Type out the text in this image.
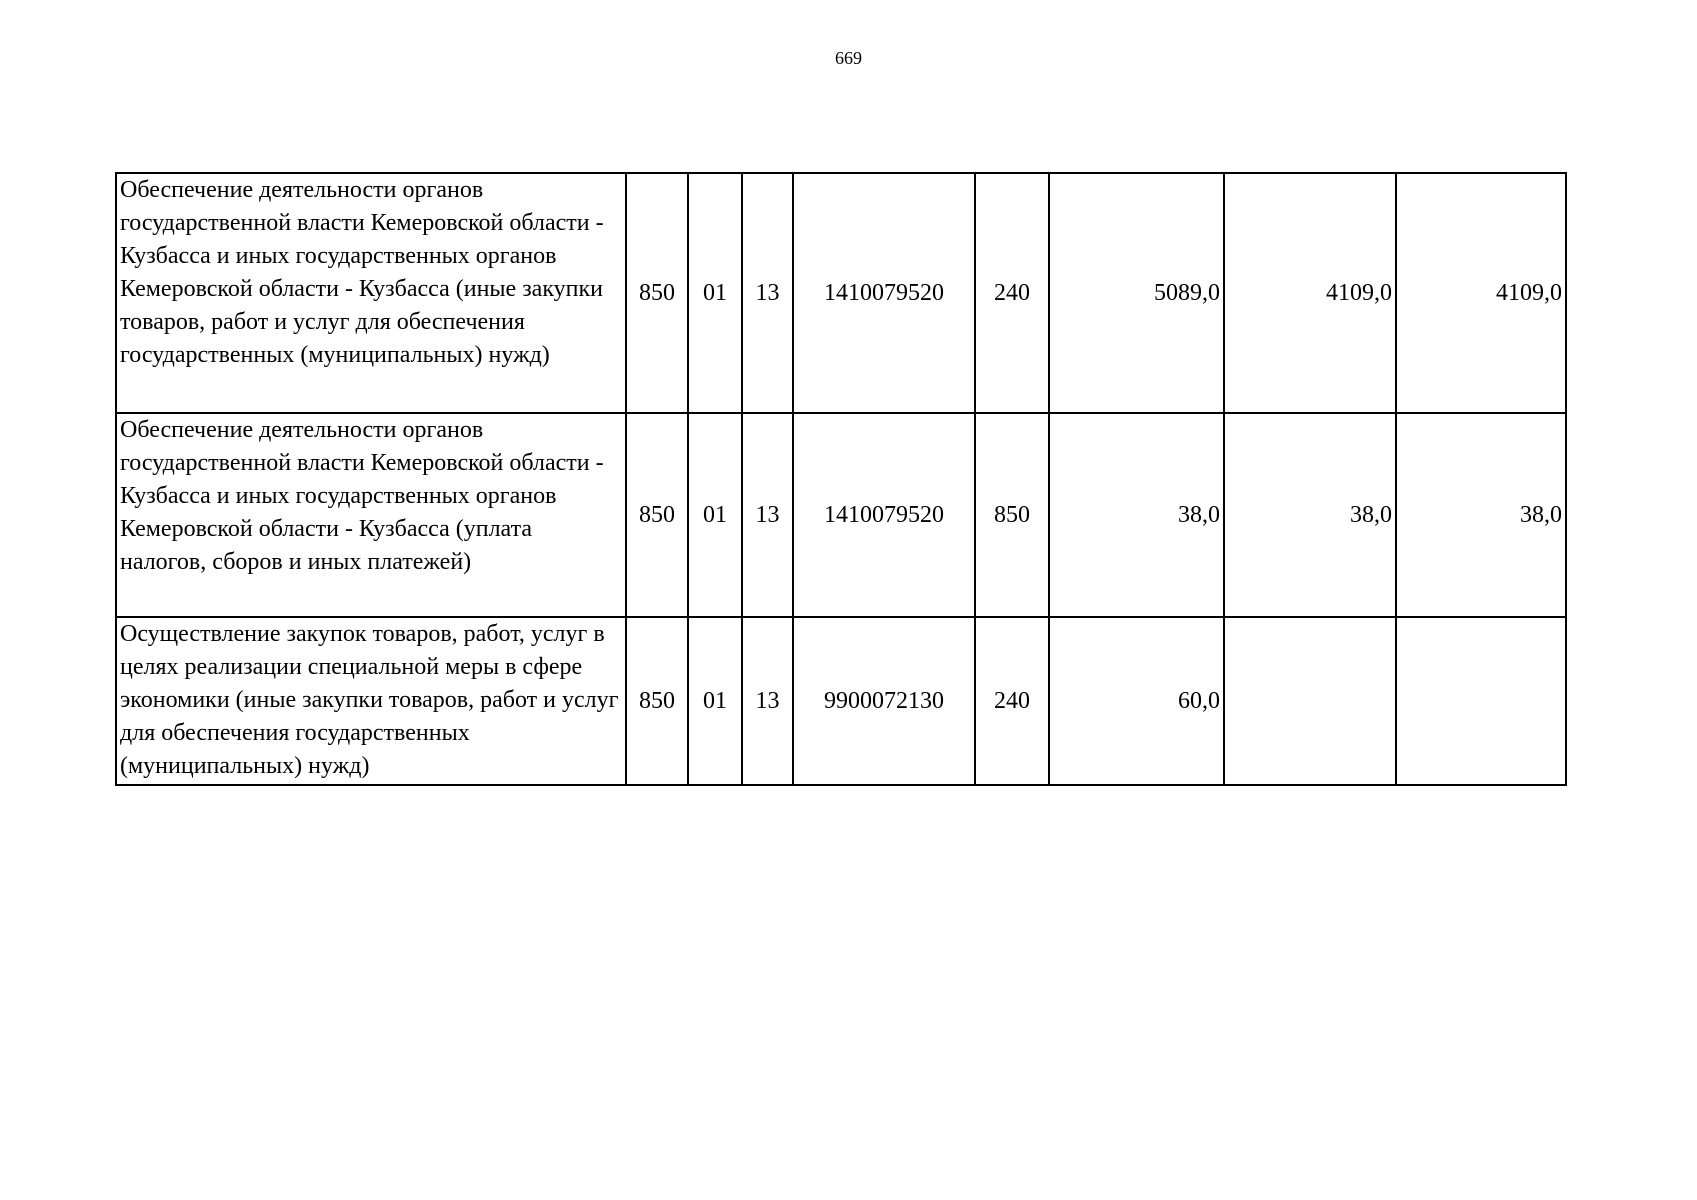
669
Обеспечение деятельности органов государственной власти Кемеровской области - Кузбасса и иных государственных органов Кемеровской области - Кузбасса (иные закупки товаров, работ и услуг для обеспечения государственных (муниципальных) нужд)	850	01	13	1410079520	240	5089,0	4109,0	4109,0
Обеспечение деятельности органов государственной власти Кемеровской области - Кузбасса и иных государственных органов Кемеровской области - Кузбасса (уплата налогов, сборов и иных платежей)	850	01	13	1410079520	850	38,0	38,0	38,0
Осуществление закупок товаров, работ, услуг в целях реализации специальной меры в сфере экономики (иные закупки товаров, работ и услуг для обеспечения государственных (муниципальных) нужд)	850	01	13	9900072130	240	60,0		
